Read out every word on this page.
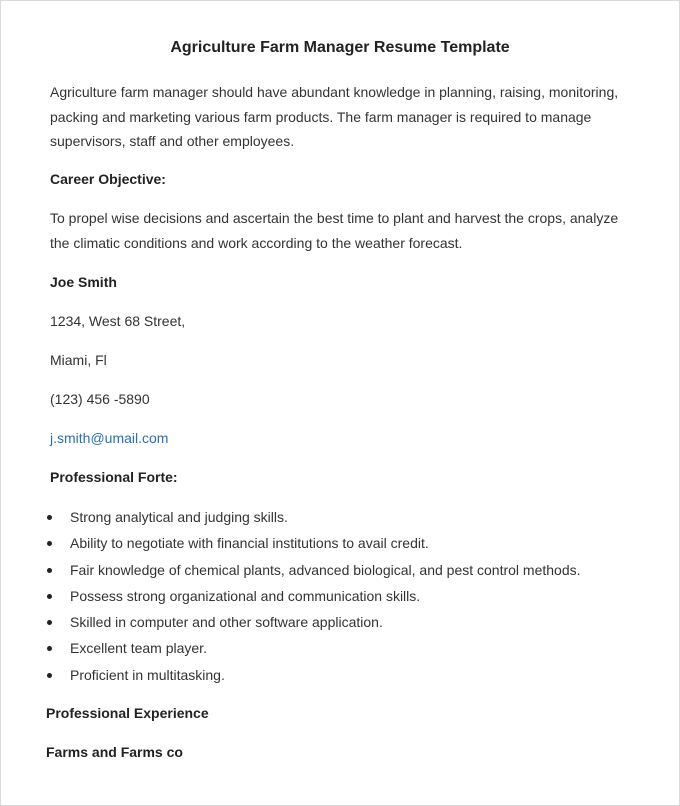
Agriculture Farm Manager Resume Template
Agriculture farm manager should have abundant knowledge in planning, raising, monitoring, packing and marketing various farm products. The farm manager is required to manage supervisors, staff and other employees.
Career Objective:
To propel wise decisions and ascertain the best time to plant and harvest the crops, analyze the climatic conditions and work according to the weather forecast.
Joe Smith
1234, West 68 Street,
Miami, Fl
(123) 456 -5890
j.smith@umail.com
Professional Forte:
Strong analytical and judging skills.
Ability to negotiate with financial institutions to avail credit.
Fair knowledge of chemical plants, advanced biological, and pest control methods.
Possess strong organizational and communication skills.
Skilled in computer and other software application.
Excellent team player.
Proficient in multitasking.
Professional Experience
Farms and Farms co
